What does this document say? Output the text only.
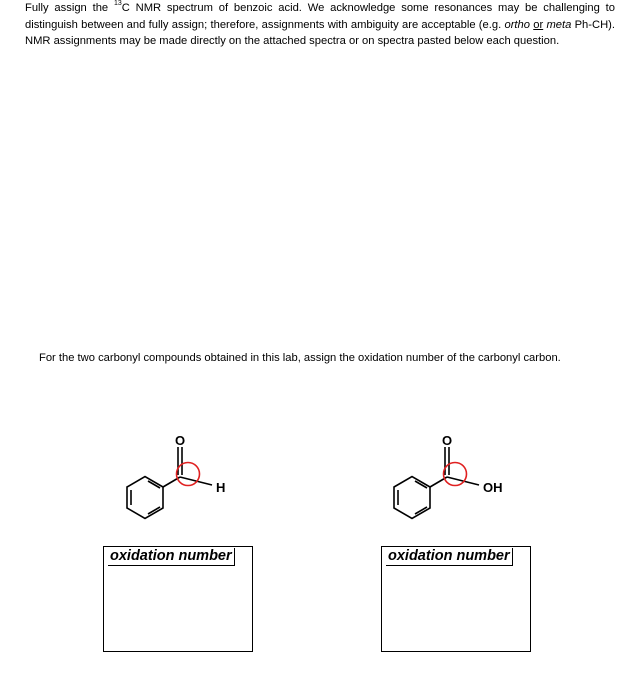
Fully assign the $^{13}$C NMR spectrum of benzoic acid. We acknowledge some resonances may be challenging to distinguish between and fully assign; therefore, assignments with ambiguity are acceptable (e.g. ortho or meta Ph-CH). NMR assignments may be made directly on the attached spectra or on spectra pasted below each question.
For the two carbonyl compounds obtained in this lab, assign the oxidation number of the carbonyl carbon.
O
H
O
OH
oxidation number	oxidation number
